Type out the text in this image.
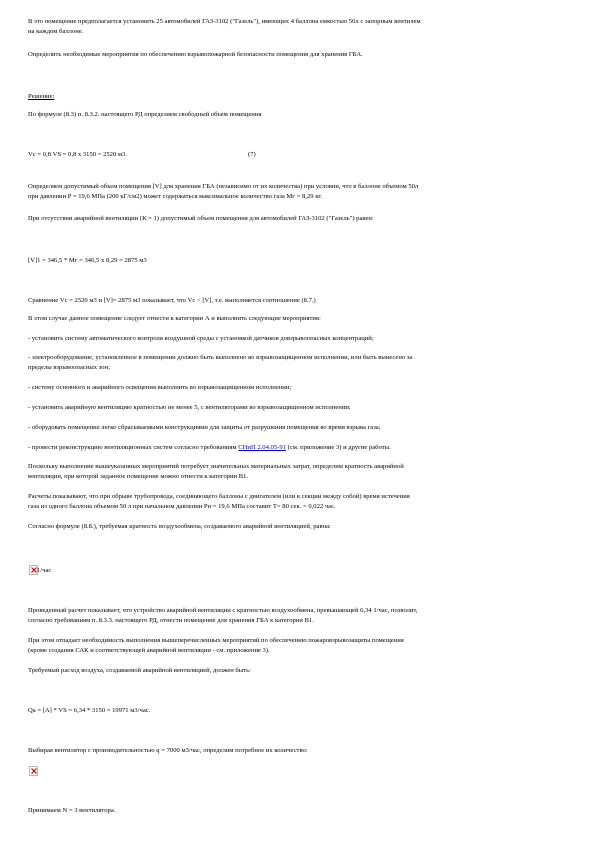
В это помещение предполагается установить 25 автомобилей ГАЗ-3102 ("Газель"), имеющих 4 баллона емкостью 50л с запорным вентилем
на каждом баллоне.
Определить необходимые мероприятия по обеспечению взрывопожарной безопасности помещения для хранения ГБА.
Решение:
По формуле (8.3) п. 8.3.2. настоящего РД определяем свободный объем помещения
Vс = 0,8 VS = 0,8 х 3150 = 2520 м3.	(7)
Определяем допустимый объем помещения [V] для хранения ГБА (независимо от их количества) при условии, что в баллоне объемом 50л
при давлении P = 19,6 МПа (200 кГ/см2) может содержаться максимальное количество газа Мг = 8,29 кг.
При отсутствии аварийной вентиляции (К = 1) допустимый объем помещения для автомобилей ГАЗ-3102 ("Газель") равен:
[V]1 = 346,5 * Мг = 346,5 х 8,29 = 2875 м3
Сравнение Vс = 2520 м3 и [V]= 2875 м3 показывает, что Vс < [V], т.е. выполняется соотношение (8.7.)
В этом случае данное помещение следует отнести к категории А и выполнить следующие мероприятия:
- установить систему автоматического контроля воздушной среды с установкой датчиков довзрывоопасных концентраций;
- электрооборудование, установленное в помещении должно быть выполнено во взрывозащищенном исполнении, или быть вынесено за
пределы взрывоопасных зон;
- систему основного и аварийного освещения выполнить во взрывозащищенном исполнении;
- установить аварийную вентиляцию кратностью не менее 5, с вентиляторами во взрывозащищенном исполнении;
- оборудовать помещение легко сбрасываемыми конструкциями для защиты от разрушения помещения во время взрыва газа;
- провести реконструкцию вентиляционных систем согласно требованиям СНиП 2.04.05-91 (см. приложение 3) и другие работы.
Поскольку выполнение вышеуказанных мероприятий потребует значительных материальных затрат, определим кратность аварийной
вентиляции, при которой заданное помещение можно отнести к категории В1.
Расчеты показывают, что при обрыве трубопровода, соединяющего баллоны с двигателем (или в секции между собой) время истечения
газа из одного баллона объемом 50 л при начальном давлении Рн = 19,6 МПа составит Т= 80 сек. = 0,022 час.
Согласно формуле (8.8.), требуемая кратность воздухообмена, создаваемого аварийной вентиляцией, равна:
1/час
Проведенный расчет показывает, что устройство аварийной вентиляции с кратностью воздухообмена, превышающей 6,34 1/час, позволит,
согласно требованиям п. 8.3.3. настоящего РД, отнести помещение для хранения ГБА к категории В1.
При этом отпадает необходимость выполнения вышеперечисленных мероприятий по обеспечению пожаровзрывозащиты помещения
(кроме создания САК и соответствующей аварийной вентиляции - см. приложение 3).
Требуемый расход воздуха, создаваемой аварийной вентиляцией, должен быть:
Qa = [А] * VS = 6,34 * 3150 = 19971 м3/час.
Выбирая вентилятор с производительностью q = 7000 м3/час, определим потребное их количество:
Принимаем N = 3 вентилятора.
